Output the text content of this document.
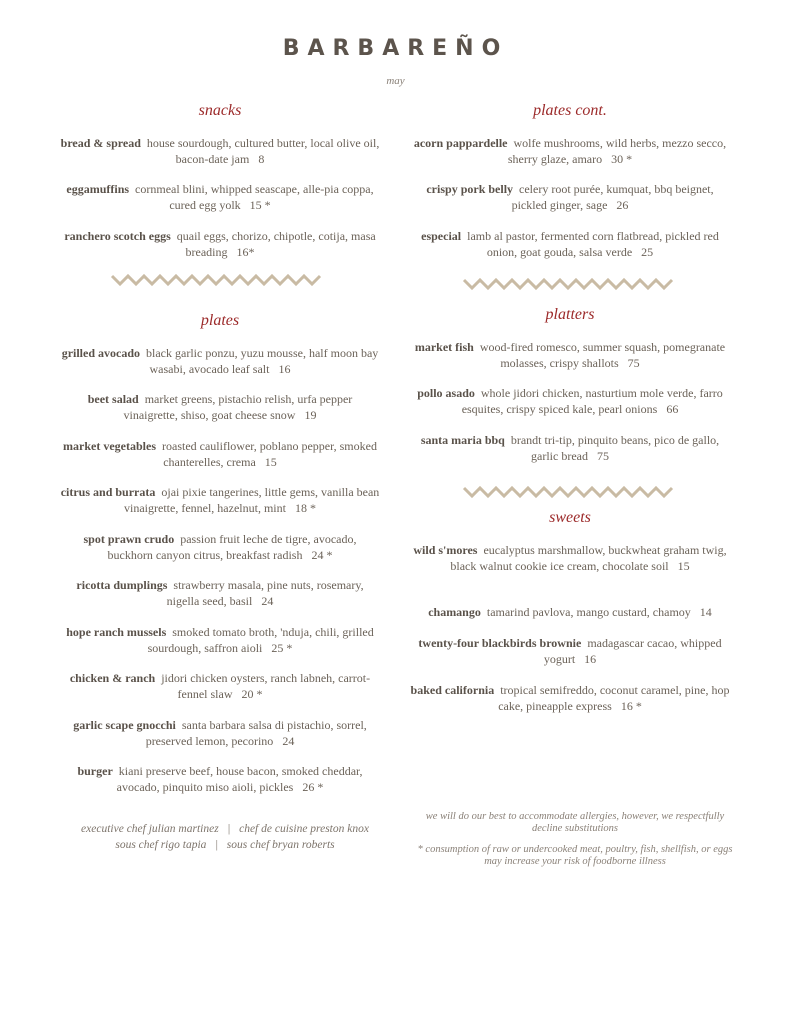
BARBAREÑO
may
snacks
bread & spread house sourdough, cultured butter, local olive oil, bacon-date jam 8
eggamuffins cornmeal blini, whipped seascape, alle-pia coppa, cured egg yolk 15 *
ranchero scotch eggs quail eggs, chorizo, chipotle, cotija, masa breading 16*
plates
grilled avocado black garlic ponzu, yuzu mousse, half moon bay wasabi, avocado leaf salt 16
beet salad market greens, pistachio relish, urfa pepper vinaigrette, shiso, goat cheese snow 19
market vegetables roasted cauliflower, poblano pepper, smoked chanterelles, crema 15
citrus and burrata ojai pixie tangerines, little gems, vanilla bean vinaigrette, fennel, hazelnut, mint 18 *
spot prawn crudo passion fruit leche de tigre, avocado, buckhorn canyon citrus, breakfast radish 24 *
ricotta dumplings strawberry masala, pine nuts, rosemary, nigella seed, basil 24
hope ranch mussels smoked tomato broth, 'nduja, chili, grilled sourdough, saffron aioli 25 *
chicken & ranch jidori chicken oysters, ranch labneh, carrot-fennel slaw 20 *
garlic scape gnocchi santa barbara salsa di pistachio, sorrel, preserved lemon, pecorino 24
burger kiani preserve beef, house bacon, smoked cheddar, avocado, pinquito miso aioli, pickles 26 *
plates cont.
acorn pappardelle wolfe mushrooms, wild herbs, mezzo secco, sherry glaze, amaro 30 *
crispy pork belly celery root purée, kumquat, bbq beignet, pickled ginger, sage 26
especial lamb al pastor, fermented corn flatbread, pickled red onion, goat gouda, salsa verde 25
platters
market fish wood-fired romesco, summer squash, pomegranate molasses, crispy shallots 75
pollo asado whole jidori chicken, nasturtium mole verde, farro esquites, crispy spiced kale, pearl onions 66
santa maria bbq brandt tri-tip, pinquito beans, pico de gallo, garlic bread 75
sweets
wild s'mores eucalyptus marshmallow, buckwheat graham twig, black walnut cookie ice cream, chocolate soil 15
chamango tamarind pavlova, mango custard, chamoy 14
twenty-four blackbirds brownie madagascar cacao, whipped yogurt 16
baked california tropical semifreddo, coconut caramel, pine, hop cake, pineapple express 16 *
executive chef julian martinez   |   chef de cuisine preston knox
sous chef rigo tapia   |   sous chef bryan roberts
we will do our best to accommodate allergies, however, we respectfully decline substitutions
* consumption of raw or undercooked meat, poultry, fish, shellfish, or eggs may increase your risk of foodborne illness
